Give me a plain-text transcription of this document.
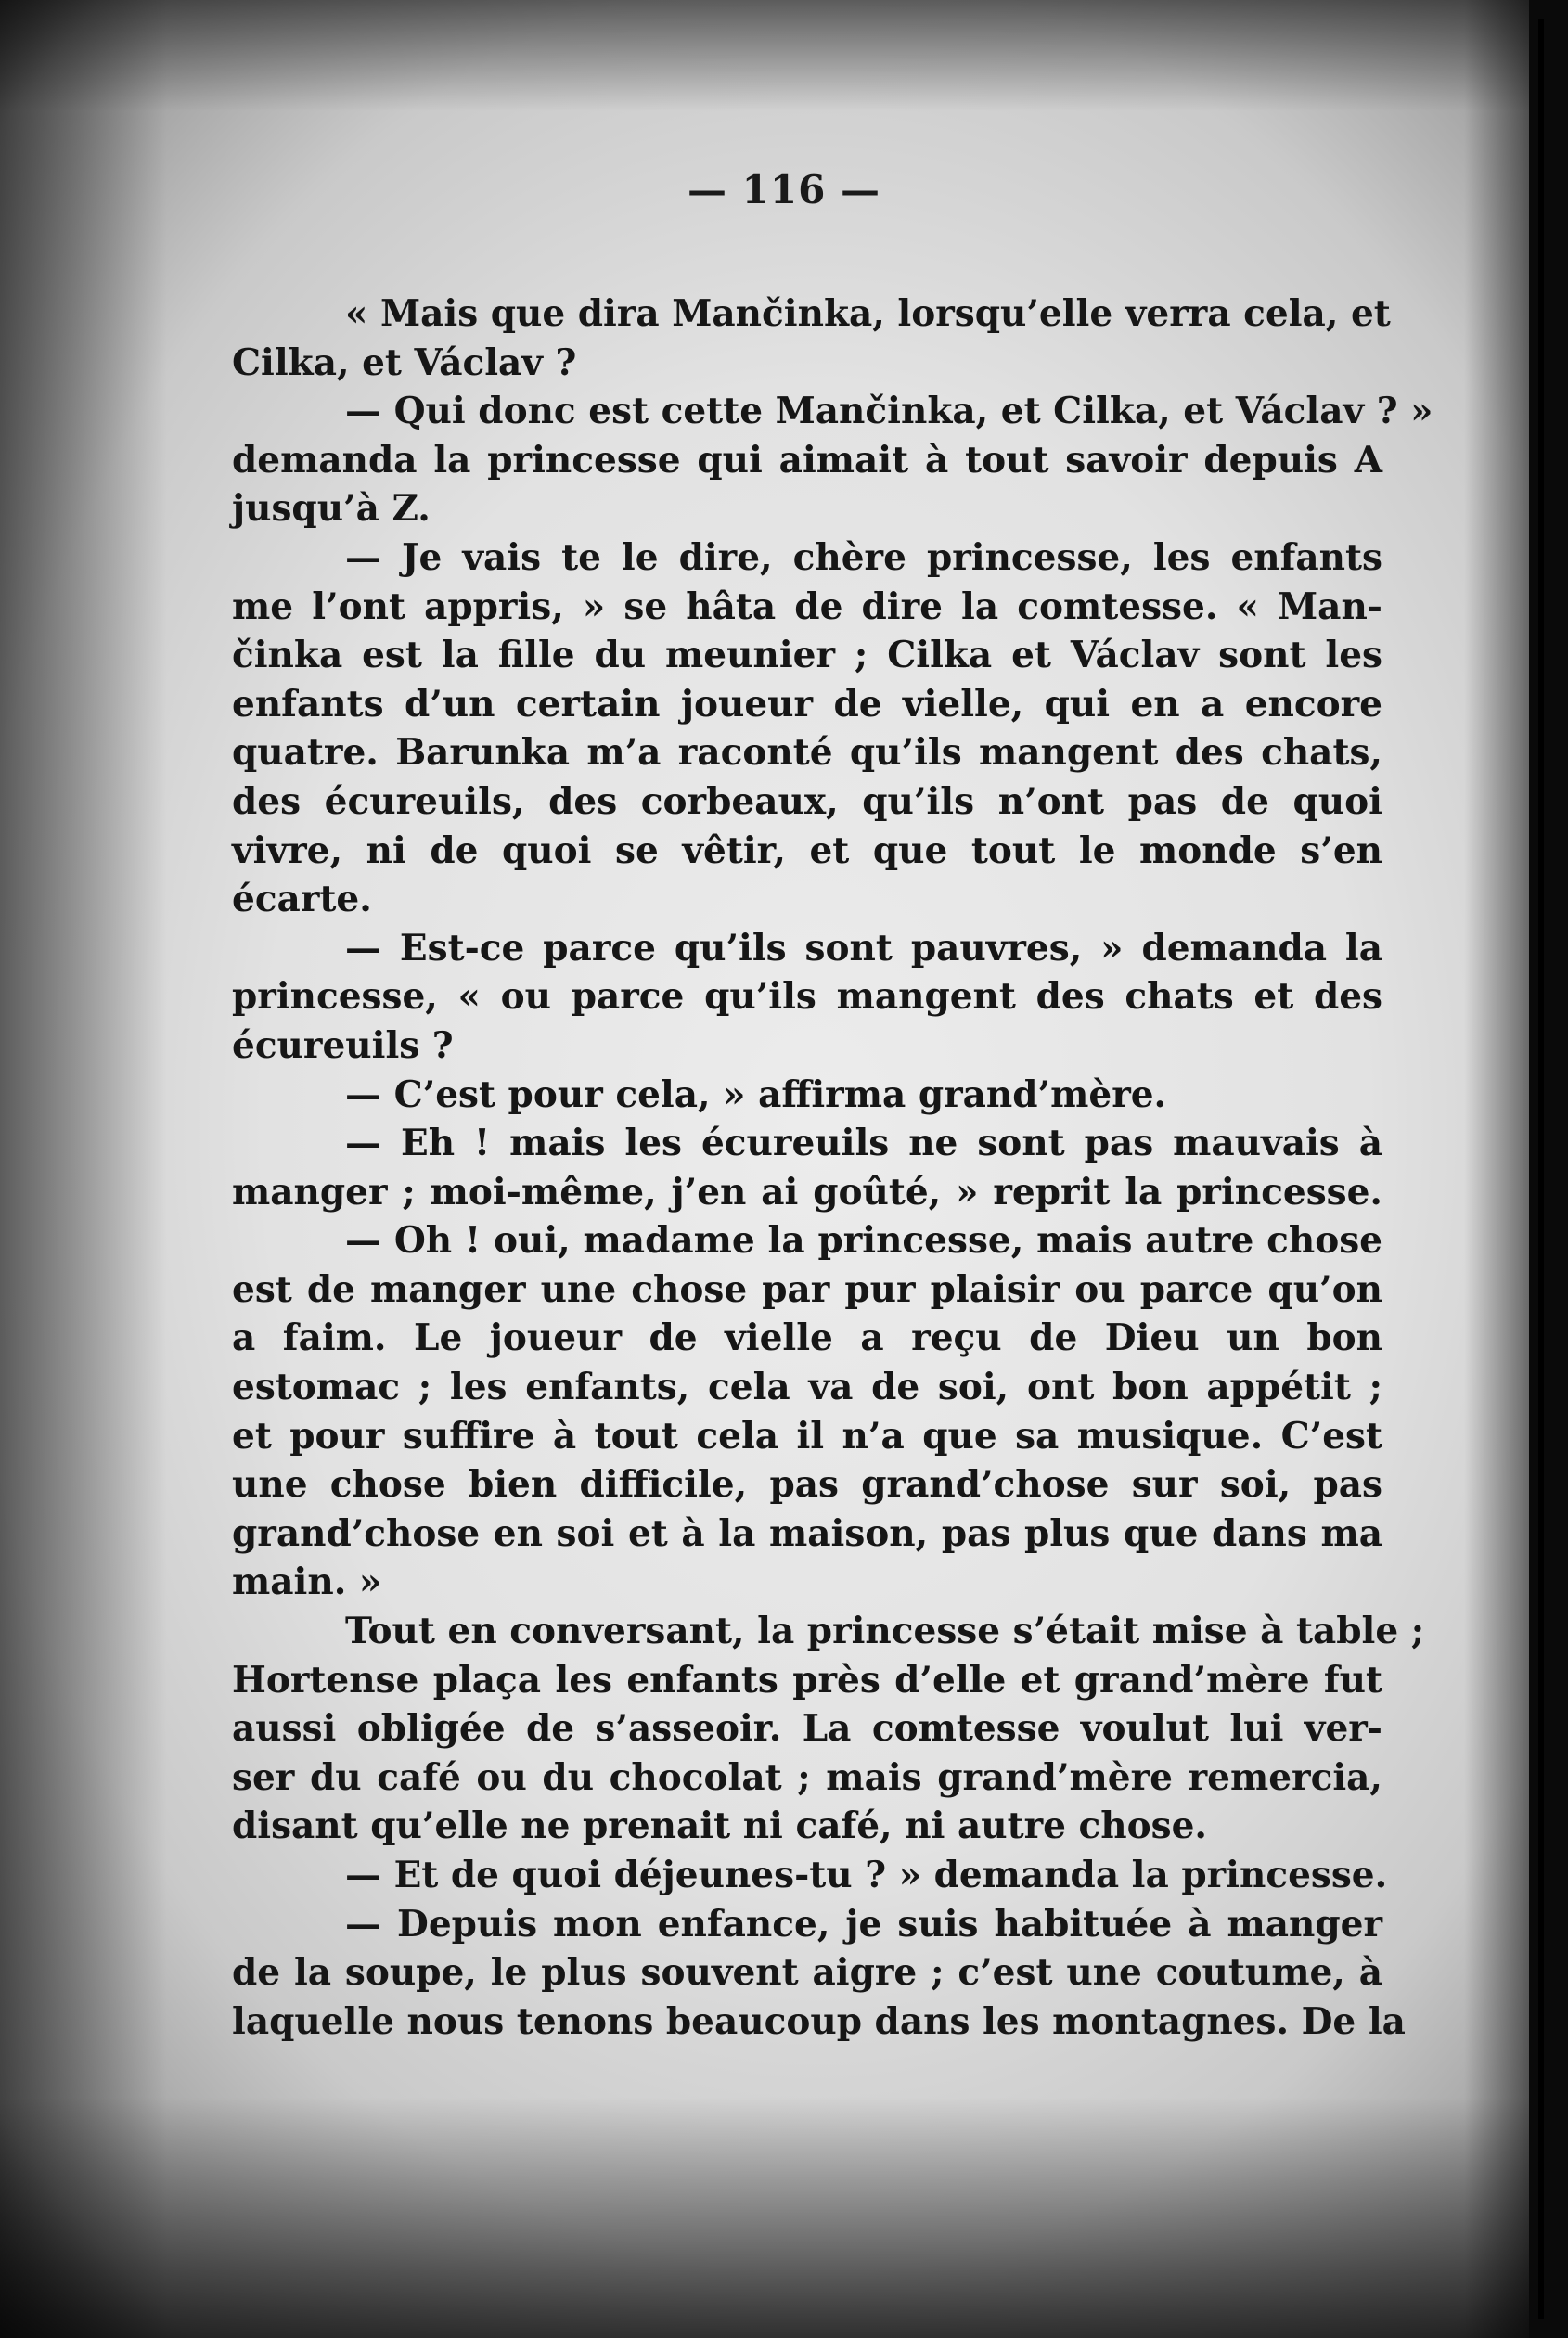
— 116 —
« Mais que dira Mančinka, lorsqu’elle verra cela, et
Cilka, et Václav ?
— Qui donc est cette Mančinka, et Cilka, et Václav ? »
demanda la princesse qui aimait à tout savoir depuis A
jusqu’à Z.
— Je vais te le dire, chère princesse, les enfants
me l’ont appris, » se hâta de dire la comtesse. « Man-
činka est la fille du meunier ; Cilka et Václav sont les
enfants d’un certain joueur de vielle, qui en a encore
quatre. Barunka m’a raconté qu’ils mangent des chats,
des écureuils, des corbeaux, qu’ils n’ont pas de quoi
vivre, ni de quoi se vêtir, et que tout le monde s’en
écarte.
— Est-ce parce qu’ils sont pauvres, » demanda la
princesse, « ou parce qu’ils mangent des chats et des
écureuils ?
— C’est pour cela, » affirma grand’mère.
— Eh ! mais les écureuils ne sont pas mauvais à
manger ; moi-même, j’en ai goûté, » reprit la princesse.
— Oh ! oui, madame la princesse, mais autre chose
est de manger une chose par pur plaisir ou parce qu’on
a faim. Le joueur de vielle a reçu de Dieu un bon
estomac ; les enfants, cela va de soi, ont bon appétit ;
et pour suffire à tout cela il n’a que sa musique. C’est
une chose bien difficile, pas grand’chose sur soi, pas
grand’chose en soi et à la maison, pas plus que dans ma
main. »
Tout en conversant, la princesse s’était mise à table ;
Hortense plaça les enfants près d’elle et grand’mère fut
aussi obligée de s’asseoir. La comtesse voulut lui ver-
ser du café ou du chocolat ; mais grand’mère remercia,
disant qu’elle ne prenait ni café, ni autre chose.
— Et de quoi déjeunes-tu ? » demanda la princesse.
— Depuis mon enfance, je suis habituée à manger
de la soupe, le plus souvent aigre ; c’est une coutume, à
laquelle nous tenons beaucoup dans les montagnes. De la
